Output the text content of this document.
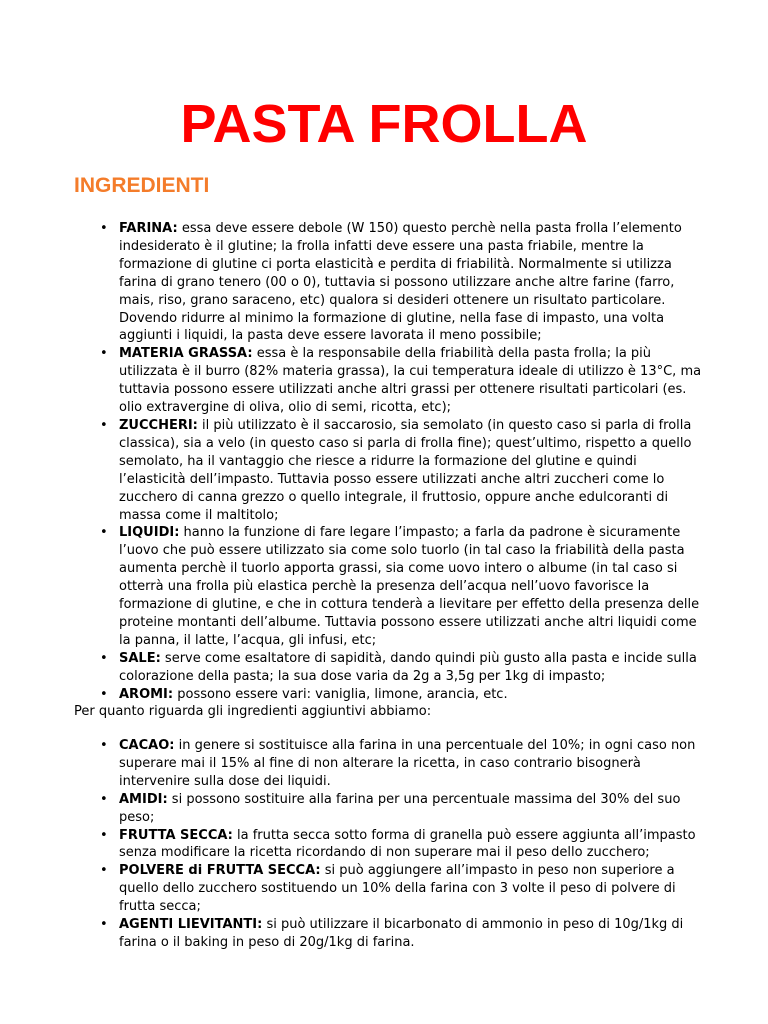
PASTA FROLLA
INGREDIENTI
• FARINA: essa deve essere debole (W 150) questo perchè nella pasta frolla l’elemento indesiderato è il glutine; la frolla infatti deve essere una pasta friabile, mentre la formazione di glutine ci porta elasticità e perdita di friabilità. Normalmente si utilizza farina di grano tenero (00 o 0), tuttavia si possono utilizzare anche altre farine (farro, mais, riso, grano saraceno, etc) qualora si desideri ottenere un risultato particolare. Dovendo ridurre al minimo la formazione di glutine, nella fase di impasto, una volta aggiunti i liquidi, la pasta deve essere lavorata il meno possibile;
• MATERIA GRASSA: essa è la responsabile della friabilità della pasta frolla; la più utilizzata è il burro (82% materia grassa), la cui temperatura ideale di utilizzo è 13°C, ma tuttavia possono essere utilizzati anche altri grassi per ottenere risultati particolari (es. olio extravergine di oliva, olio di semi, ricotta, etc);
• ZUCCHERI: il più utilizzato è il saccarosio, sia semolato (in questo caso si parla di frolla classica), sia a velo (in questo caso si parla di frolla fine); quest’ultimo, rispetto a quello semolato, ha il vantaggio che riesce a ridurre la formazione del glutine e quindi l’elasticità dell’impasto. Tuttavia posso essere utilizzati anche altri zuccheri come lo zucchero di canna grezzo o quello integrale, il fruttosio, oppure anche edulcoranti di massa come il maltitolo;
• LIQUIDI: hanno la funzione di fare legare l’impasto; a farla da padrone è sicuramente l’uovo che può essere utilizzato sia come solo tuorlo (in tal caso la friabilità della pasta aumenta perchè il tuorlo apporta grassi, sia come uovo intero o albume (in tal caso si otterrà una frolla più elastica perchè la presenza dell’acqua nell’uovo favorisce la formazione di glutine, e che in cottura tenderà a lievitare per effetto della presenza delle proteine montanti dell’albume. Tuttavia possono essere utilizzati anche altri liquidi come la panna, il latte, l’acqua, gli infusi, etc;
• SALE: serve come esaltatore di sapidità, dando quindi più gusto alla pasta e incide sulla colorazione della pasta; la sua dose varia da 2g a 3,5g per 1kg di impasto;
• AROMI: possono essere vari: vaniglia, limone, arancia, etc.

Per quanto riguarda gli ingredienti aggiuntivi abbiamo:

• CACAO: in genere si sostituisce alla farina in una percentuale del 10%; in ogni caso non superare mai il 15% al fine di non alterare la ricetta, in caso contrario bisognerà intervenire sulla dose dei liquidi.
• AMIDI: si possono sostituire alla farina per una percentuale massima del 30% del suo peso;
• FRUTTA SECCA: la frutta secca sotto forma di granella può essere aggiunta all’impasto senza modificare la ricetta ricordando di non superare mai il peso dello zucchero;
• POLVERE di FRUTTA SECCA: si può aggiungere all’impasto in peso non superiore a quello dello zucchero sostituendo un 10% della farina con 3 volte il peso di polvere di frutta secca;
• AGENTI LIEVITANTI: si può utilizzare il bicarbonato di ammonio in peso di 10g/1kg di farina o il baking in peso di 20g/1kg di farina.
